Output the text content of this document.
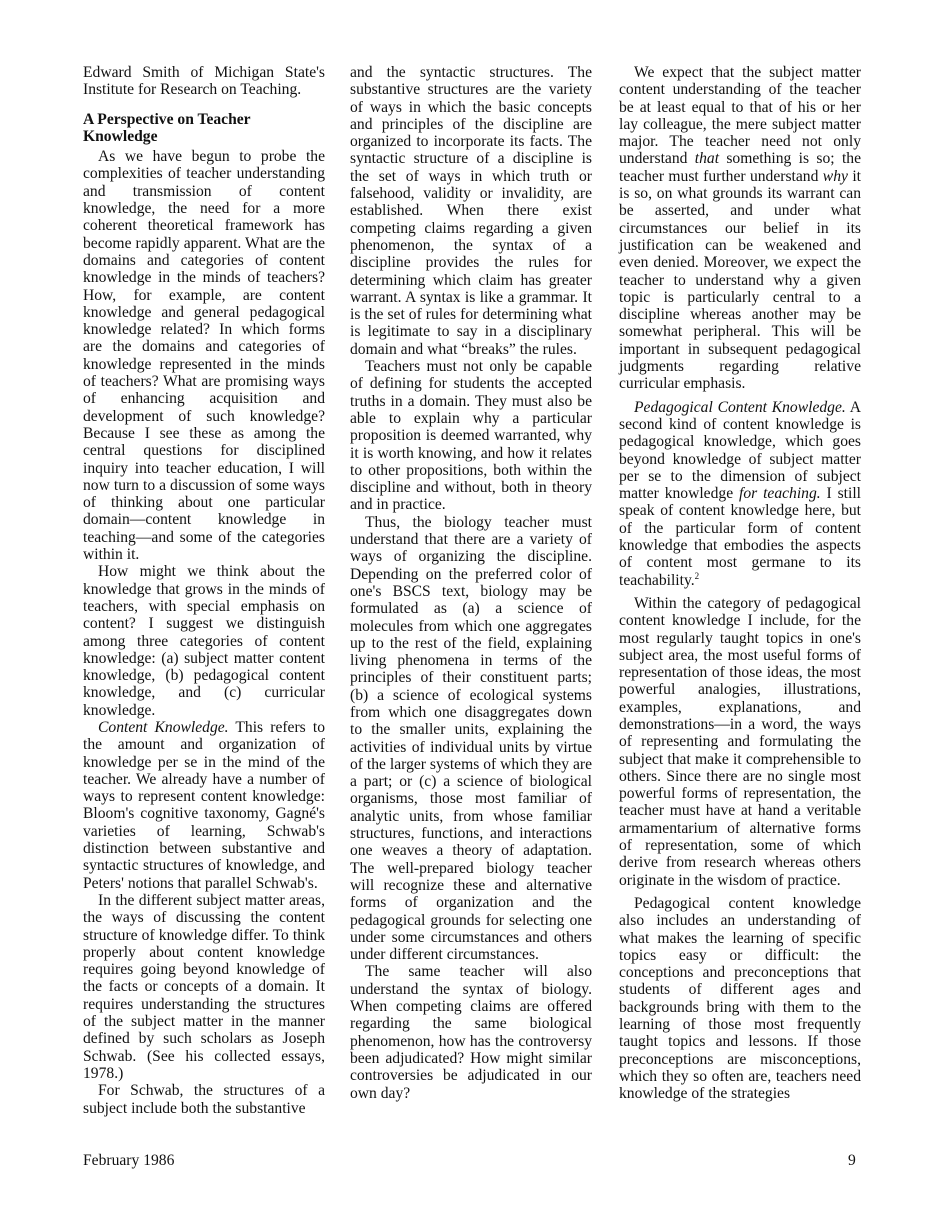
Edward Smith of Michigan State's Institute for Research on Teaching.

A Perspective on Teacher Knowledge

As we have begun to probe the complexities of teacher understanding and transmission of content knowledge, the need for a more coherent theoretical framework has become rapidly apparent. What are the domains and categories of content knowledge in the minds of teachers? How, for example, are content knowledge and general pedagogical knowledge related? In which forms are the domains and categories of knowledge represented in the minds of teachers? What are promising ways of enhancing acquisition and development of such knowledge? Because I see these as among the central questions for disciplined inquiry into teacher education, I will now turn to a discussion of some ways of thinking about one particular domain—content knowledge in teaching—and some of the categories within it.

How might we think about the knowledge that grows in the minds of teachers, with special emphasis on content? I suggest we distinguish among three categories of content knowledge: (a) subject matter content knowledge, (b) pedagogical content knowledge, and (c) curricular knowledge.

Content Knowledge. This refers to the amount and organization of knowledge per se in the mind of the teacher. We already have a number of ways to represent content knowledge: Bloom's cognitive taxonomy, Gagné's varieties of learning, Schwab's distinction between substantive and syntactic structures of knowledge, and Peters' notions that parallel Schwab's.

In the different subject matter areas, the ways of discussing the content structure of knowledge differ. To think properly about content knowledge requires going beyond knowledge of the facts or concepts of a domain. It requires understanding the structures of the subject matter in the manner defined by such scholars as Joseph Schwab. (See his collected essays, 1978.)

For Schwab, the structures of a subject include both the substantive

and the syntactic structures. The substantive structures are the variety of ways in which the basic concepts and principles of the discipline are organized to incorporate its facts. The syntactic structure of a discipline is the set of ways in which truth or falsehood, validity or invalidity, are established. When there exist competing claims regarding a given phenomenon, the syntax of a discipline provides the rules for determining which claim has greater warrant. A syntax is like a grammar. It is the set of rules for determining what is legitimate to say in a disciplinary domain and what “breaks” the rules.

Teachers must not only be capable of defining for students the accepted truths in a domain. They must also be able to explain why a particular proposition is deemed warranted, why it is worth knowing, and how it relates to other propositions, both within the discipline and without, both in theory and in practice.

Thus, the biology teacher must understand that there are a variety of ways of organizing the discipline. Depending on the preferred color of one's BSCS text, biology may be formulated as (a) a science of molecules from which one aggregates up to the rest of the field, explaining living phenomena in terms of the principles of their constituent parts; (b) a science of ecological systems from which one disaggregates down to the smaller units, explaining the activities of individual units by virtue of the larger systems of which they are a part; or (c) a science of biological organisms, those most familiar of analytic units, from whose familiar structures, functions, and interactions one weaves a theory of adaptation. The well-prepared biology teacher will recognize these and alternative forms of organization and the pedagogical grounds for selecting one under some circumstances and others under different circumstances.

The same teacher will also understand the syntax of biology. When competing claims are offered regarding the same biological phenomenon, how has the controversy been adjudicated? How might similar controversies be adjudicated in our own day?

We expect that the subject matter content understanding of the teacher be at least equal to that of his or her lay colleague, the mere subject matter major. The teacher need not only understand that something is so; the teacher must further understand why it is so, on what grounds its warrant can be asserted, and under what circumstances our belief in its justification can be weakened and even denied. Moreover, we expect the teacher to understand why a given topic is particularly central to a discipline whereas another may be somewhat peripheral. This will be important in subsequent pedagogical judgments regarding relative curricular emphasis.

Pedagogical Content Knowledge. A second kind of content knowledge is pedagogical knowledge, which goes beyond knowledge of subject matter per se to the dimension of subject matter knowledge for teaching. I still speak of content knowledge here, but of the particular form of content knowledge that embodies the aspects of content most germane to its teachability.$^2$

Within the category of pedagogical content knowledge I include, for the most regularly taught topics in one's subject area, the most useful forms of representation of those ideas, the most powerful analogies, illustrations, examples, explanations, and demonstrations—in a word, the ways of representing and formulating the subject that make it comprehensible to others. Since there are no single most powerful forms of representation, the teacher must have at hand a veritable armamentarium of alternative forms of representation, some of which derive from research whereas others originate in the wisdom of practice.

Pedagogical content knowledge also includes an understanding of what makes the learning of specific topics easy or difficult: the conceptions and preconceptions that students of different ages and backgrounds bring with them to the learning of those most frequently taught topics and lessons. If those preconceptions are misconceptions, which they so often are, teachers need knowledge of the strategies

February 1986	9
